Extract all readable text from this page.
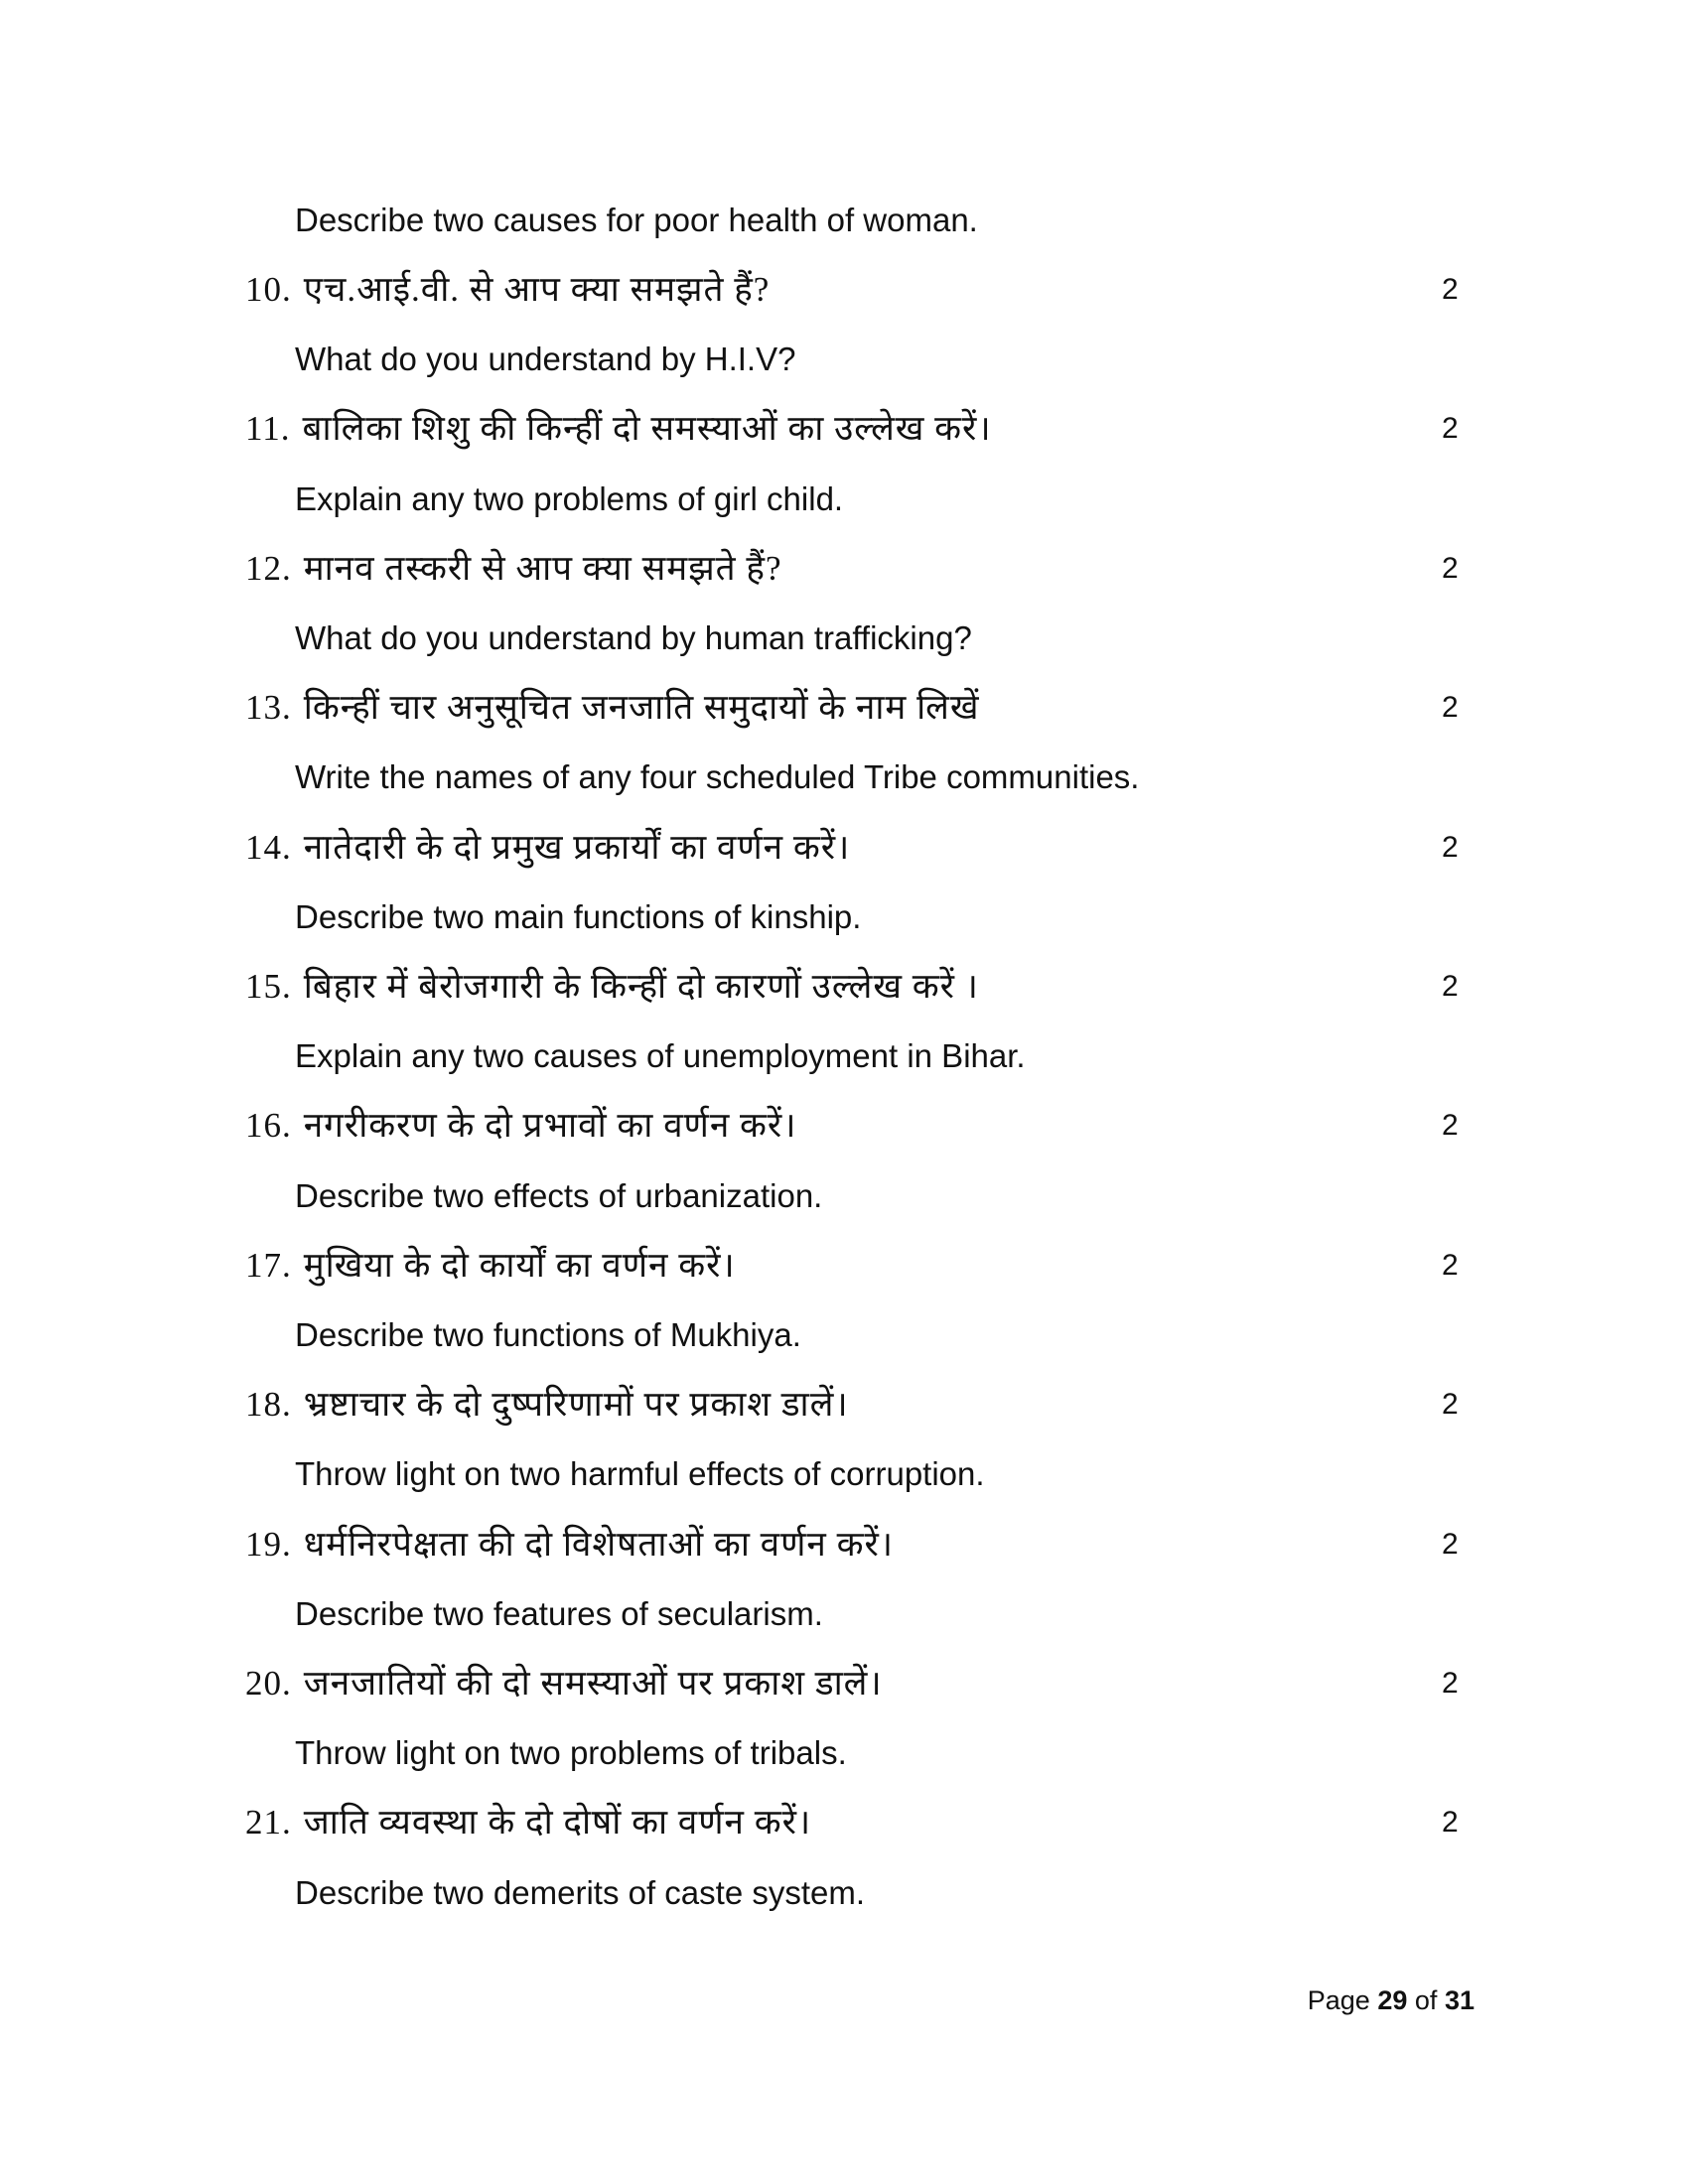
Describe two causes for poor health of woman.
10. एच.आई.वी. से आप क्या समझते हैं?	2
What do you understand by H.I.V?
11. बालिका शिशु की किन्हीं दो समस्याओं का उल्लेख करें।	2
Explain any two problems of girl child.
12. मानव तस्करी से आप क्या समझते हैं?	2
What do you understand by human trafficking?
13. किन्हीं चार अनुसूचित जनजाति समुदायों के नाम लिखें	2
Write the names of any four scheduled Tribe communities.
14. नातेदारी के दो प्रमुख प्रकार्यों का वर्णन करें।	2
Describe two main functions of kinship.
15. बिहार में बेरोजगारी के किन्हीं दो कारणों उल्लेख करें ।	2
Explain any two causes of unemployment in Bihar.
16. नगरीकरण के दो प्रभावों का वर्णन करें।	2
Describe two effects of urbanization.
17. मुखिया के दो कार्यों का वर्णन करें।	2
Describe two functions of Mukhiya.
18. भ्रष्टाचार के दो दुष्परिणामों पर प्रकाश डालें।	2
Throw light on two harmful effects of corruption.
19. धर्मनिरपेक्षता की दो विशेषताओं का वर्णन करें।	2
Describe two features of secularism.
20. जनजातियों की दो समस्याओं पर प्रकाश डालें।	2
Throw light on two problems of tribals.
21. जाति व्यवस्था के दो दोषों का वर्णन करें।	2
Describe two demerits of caste system.
Page 29 of 31
